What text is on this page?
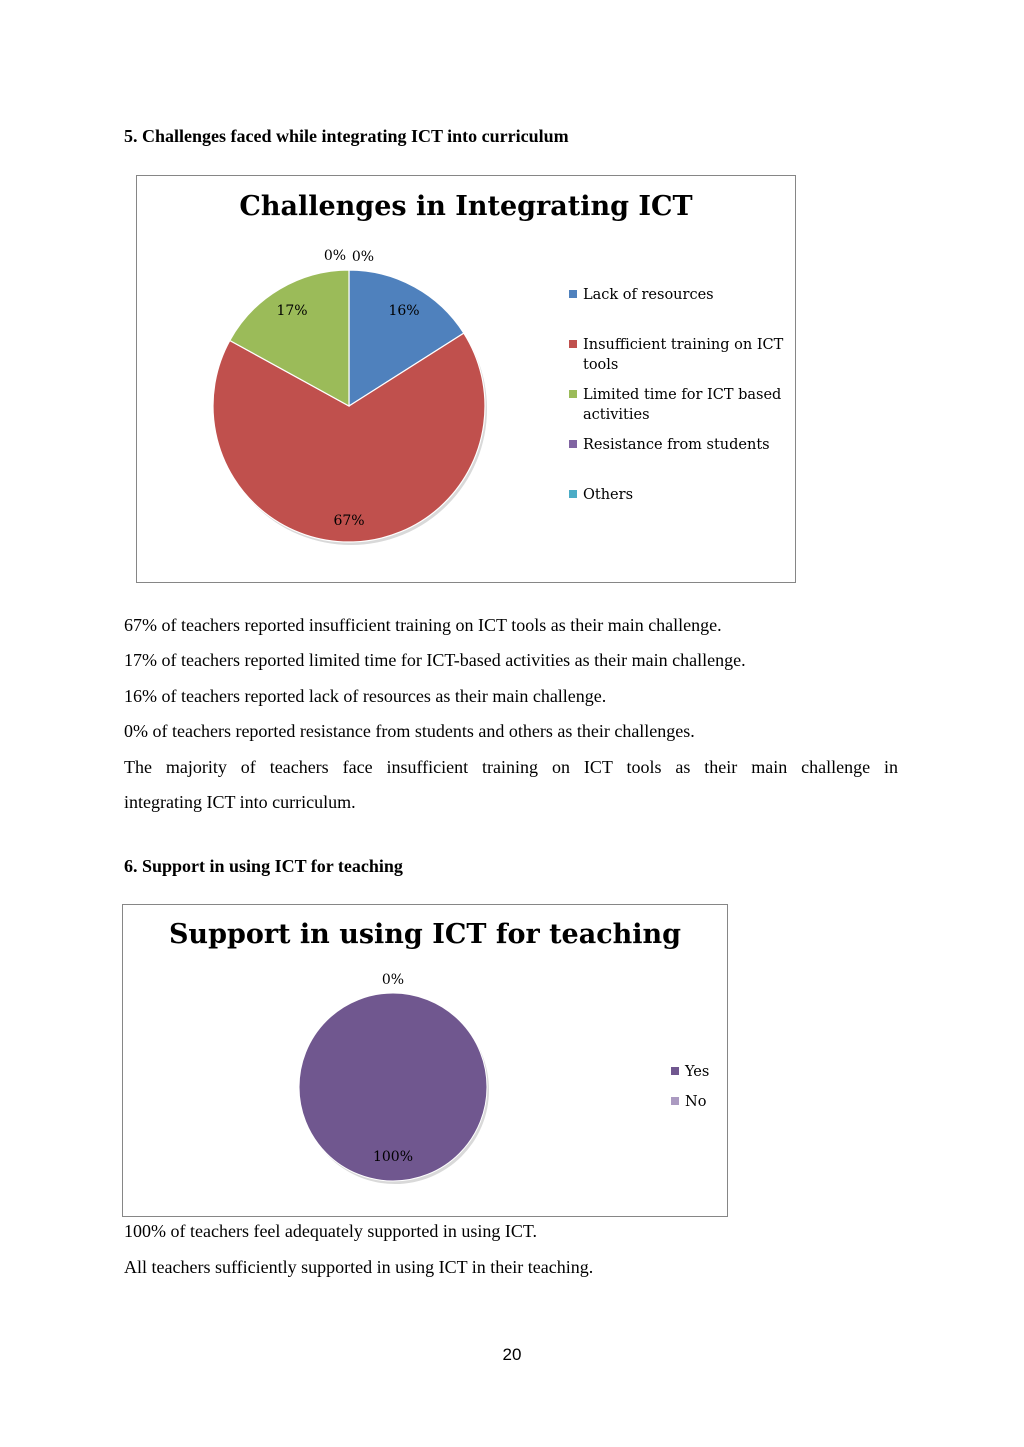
5. Challenges faced while integrating ICT into curriculum
Challenges in Integrating ICT
16%
67%
17%
0% 0%
Lack of resources
Insufficient training on ICT tools
Limited time for ICT based activities
Resistance from students
Others
67% of teachers reported insufficient training on ICT tools as their main challenge.
17% of teachers reported limited time for ICT-based activities as their main challenge.
16% of teachers reported lack of resources as their main challenge.
0% of teachers reported resistance from students and others as their challenges.
The majority of teachers face insufficient training on ICT tools as their main challenge in
integrating ICT into curriculum.
6. Support in using ICT for teaching
Support in using ICT for teaching
100%
0%
Yes
No
100% of teachers feel adequately supported in using ICT.
All teachers sufficiently supported in using ICT in their teaching.
20
